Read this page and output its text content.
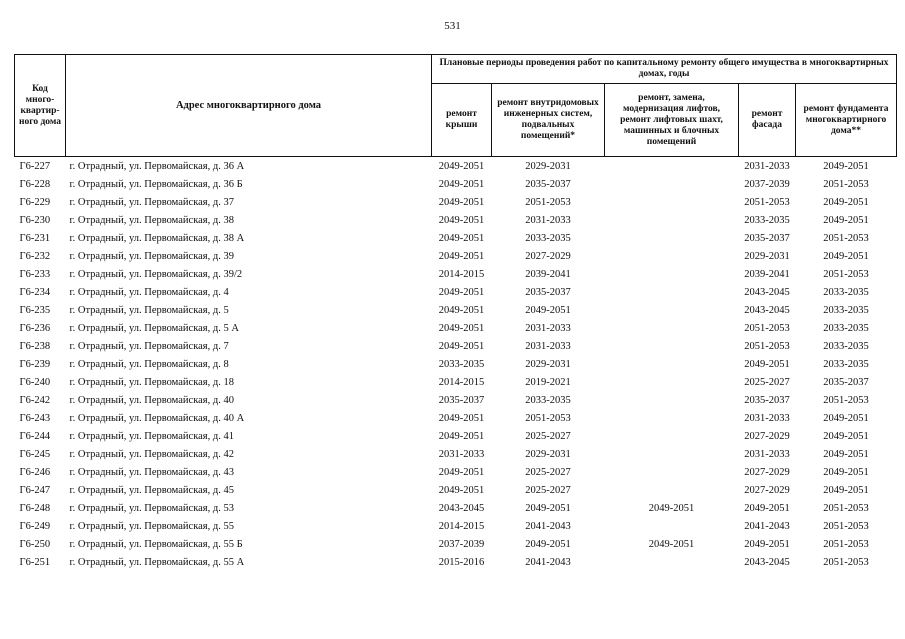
531
Код много-квартир-ного дома	Адрес многоквартирного дома	Плановые периоды проведения работ по капитальному ремонту общего имущества в многоквартирных домах, годы				
		ремонт крыши	ремонт внутридомовых инженерных систем, подвальных помещений*	ремонт, замена, модернизация лифтов, ремонт лифтовых шахт, машинных и блочных помещений	ремонт фасада	ремонт фундамента многоквартирного дома**
Г6-227	г. Отрадный, ул. Первомайская, д. 36 А	2049-2051	2029-2031		2031-2033	2049-2051
Г6-228	г. Отрадный, ул. Первомайская, д. 36 Б	2049-2051	2035-2037		2037-2039	2051-2053
Г6-229	г. Отрадный, ул. Первомайская, д. 37	2049-2051	2051-2053		2051-2053	2049-2051
Г6-230	г. Отрадный, ул. Первомайская, д. 38	2049-2051	2031-2033		2033-2035	2049-2051
Г6-231	г. Отрадный, ул. Первомайская, д. 38 А	2049-2051	2033-2035		2035-2037	2051-2053
Г6-232	г. Отрадный, ул. Первомайская, д. 39	2049-2051	2027-2029		2029-2031	2049-2051
Г6-233	г. Отрадный, ул. Первомайская, д. 39/2	2014-2015	2039-2041		2039-2041	2051-2053
Г6-234	г. Отрадный, ул. Первомайская, д. 4	2049-2051	2035-2037		2043-2045	2033-2035
Г6-235	г. Отрадный, ул. Первомайская, д. 5	2049-2051	2049-2051		2043-2045	2033-2035
Г6-236	г. Отрадный, ул. Первомайская, д. 5 А	2049-2051	2031-2033		2051-2053	2033-2035
Г6-238	г. Отрадный, ул. Первомайская, д. 7	2049-2051	2031-2033		2051-2053	2033-2035
Г6-239	г. Отрадный, ул. Первомайская, д. 8	2033-2035	2029-2031		2049-2051	2033-2035
Г6-240	г. Отрадный, ул. Первомайская, д. 18	2014-2015	2019-2021		2025-2027	2035-2037
Г6-242	г. Отрадный, ул. Первомайская, д. 40	2035-2037	2033-2035		2035-2037	2051-2053
Г6-243	г. Отрадный, ул. Первомайская, д. 40 А	2049-2051	2051-2053		2031-2033	2049-2051
Г6-244	г. Отрадный, ул. Первомайская, д. 41	2049-2051	2025-2027		2027-2029	2049-2051
Г6-245	г. Отрадный, ул. Первомайская, д. 42	2031-2033	2029-2031		2031-2033	2049-2051
Г6-246	г. Отрадный, ул. Первомайская, д. 43	2049-2051	2025-2027		2027-2029	2049-2051
Г6-247	г. Отрадный, ул. Первомайская, д. 45	2049-2051	2025-2027		2027-2029	2049-2051
Г6-248	г. Отрадный, ул. Первомайская, д. 53	2043-2045	2049-2051	2049-2051	2049-2051	2051-2053
Г6-249	г. Отрадный, ул. Первомайская, д. 55	2014-2015	2041-2043		2041-2043	2051-2053
Г6-250	г. Отрадный, ул. Первомайская, д. 55 Б	2037-2039	2049-2051	2049-2051	2049-2051	2051-2053
Г6-251	г. Отрадный, ул. Первомайская, д. 55 А	2015-2016	2041-2043		2043-2045	2051-2053
